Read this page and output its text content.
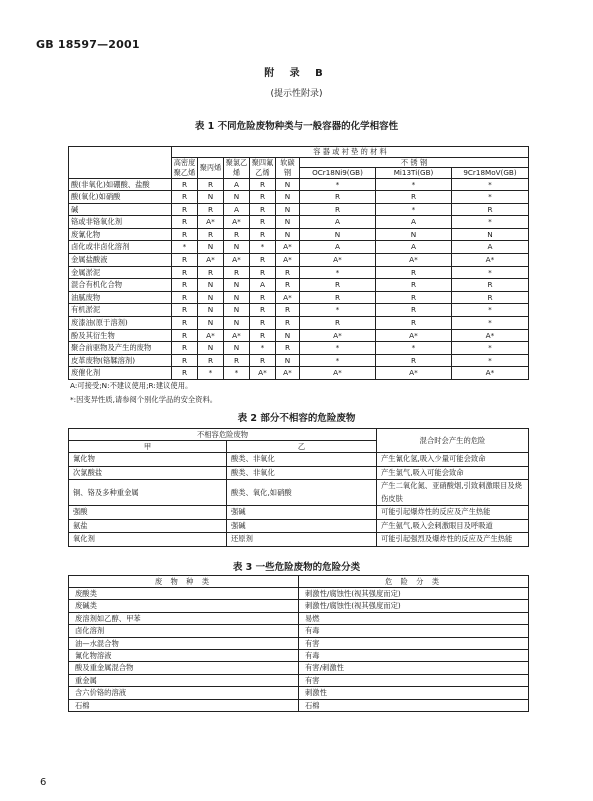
GB 18597—2001
附 录 B
(提示性附录)
表 1 不同危险废物种类与一般容器的化学相容性
	容 器 或 衬 垫 的 材 料							
	高密度聚乙烯	聚丙烯	聚氯乙烯	聚四氟乙烯	软碳钢	不 锈 钢		
						OCr18Ni9(GB)	Mi13Ti(GB)	9Cr18MoV(GB)
酸(非氧化)如硼酸、盐酸	R	R	A	R	N	*	*	*
酸(氧化)如硝酸	R	N	N	R	N	R	R	*
碱	R	R	A	R	N	R	*	R
铬或非铬氧化剂	R	A*	A*	R	N	A	A	*
废氰化物	R	R	R	R	N	N	N	N
卤化或非卤化溶剂	*	N	N	*	A*	A	A	A
金属盐酸液	R	A*	A*	R	A*	A*	A*	A*
金属淤泥	R	R	R	R	R	*	R	*
混合有机化合物	R	N	N	A	R	R	R	R
油腻废物	R	N	N	R	A*	R	R	R
有机淤泥	R	N	N	R	R	*	R	*
废漆油(原于溶剂)	R	N	N	R	R	R	R	*
酚及其衍生物	R	A*	A*	R	N	A*	A*	A*
聚合前驱物及产生的废物	R	N	N	*	R	*	*	*
皮革废物(铬鞣溶剂)	R	R	R	R	N	*	R	*
废催化剂	R	*	*	A*	A*	A*	A*	A*
A:可接受;N:不建议使用;R:建议使用。
*:因变异性质,请参阅个别化学品的安全资料。
表 2 部分不相容的危险废物
不相容危险废物		混合时会产生的危险
甲	乙	
氰化物	酸类、非氧化	产生氰化氢,吸入少量可能会致命
次氯酸盐	酸类、非氧化	产生氯气,吸入可能会致命
铜、铬及多种重金属	酸类、氧化,如硝酸	产生二氧化氮、亚硝酸烟,引致刺激眼目及烧伤皮肤
强酸	强碱	可能引起爆炸性的反应及产生热能
氨盐	强碱	产生氨气,吸入会刺激眼目及呼吸道
氧化剂	还原剂	可能引起强烈及爆炸性的反应及产生热能
表 3 一些危险废物的危险分类
废 物 种 类	危 险 分 类
废酸类	刺激性/腐蚀性(视其强度而定)
废碱类	刺激性/腐蚀性(视其强度而定)
废溶剂如乙醇、甲苯	易燃
卤化溶剂	有毒
油—水混合物	有害
氰化物溶液	有毒
酸及重金属混合物	有害/刺激性
重金属	有害
含六价铬的溶液	刺激性
石棉	石棉
6
